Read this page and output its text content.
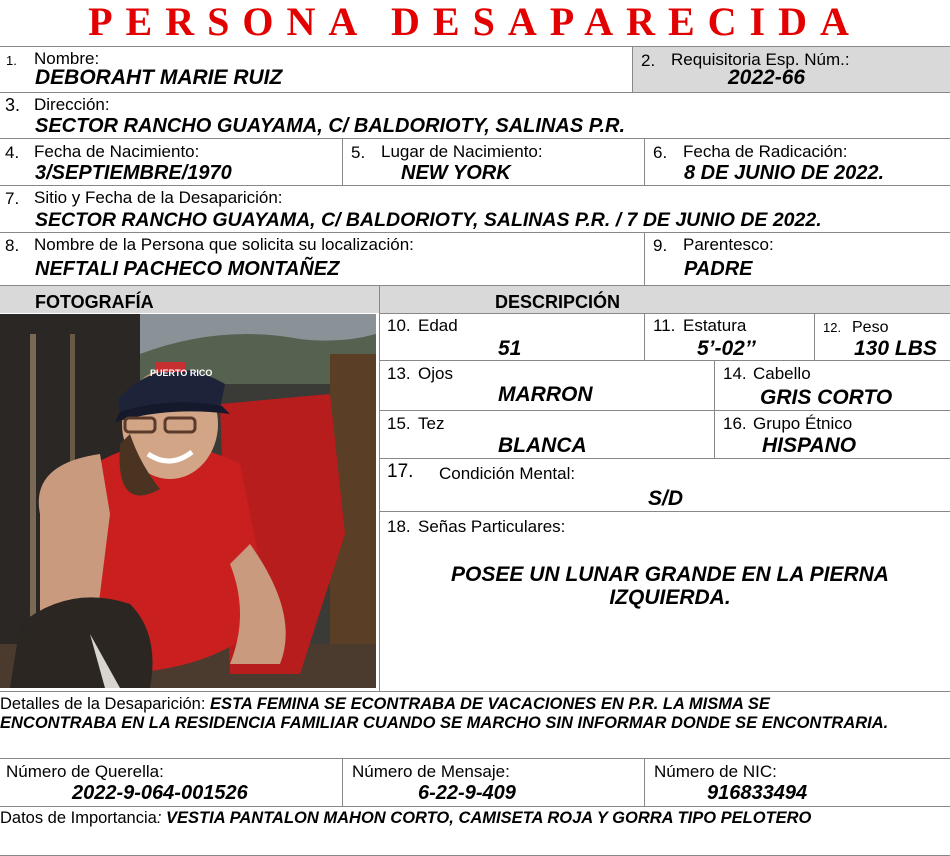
PERSONA DESAPARECIDA
1. Nombre:
DEBORAHT MARIE RUIZ
2. Requisitoria Esp. Núm.:
2022-66
3. Dirección:
SECTOR RANCHO GUAYAMA, C/ BALDORIOTY, SALINAS P.R.
4. Fecha de Nacimiento:
3/SEPTIEMBRE/1970
5. Lugar de Nacimiento:
NEW YORK
6. Fecha de Radicación:
8 DE JUNIO DE 2022.
7. Sitio y Fecha de la Desaparición:
SECTOR RANCHO GUAYAMA, C/ BALDORIOTY, SALINAS P.R. / 7 DE JUNIO DE 2022.
8. Nombre de la Persona que solicita su localización:
NEFTALI PACHECO MONTAÑEZ
9. Parentesco:
PADRE
FOTOGRAFÍA	DESCRIPCIÓN
PUERTO RICO
10. Edad
51
11. Estatura
5’-02’’
12. Peso
130 LBS
13. Ojos
MARRON
14. Cabello
GRIS CORTO
15. Tez
BLANCA
16. Grupo Étnico
HISPANO
17. Condición Mental:
S/D
18. Señas Particulares:
POSEE UN LUNAR GRANDE EN LA PIERNA IZQUIERDA.
Detalles de la Desaparición: ESTA FEMINA SE ECONTRABA DE VACACIONES EN P.R. LA MISMA SE ENCONTRABA EN LA RESIDENCIA FAMILIAR CUANDO SE MARCHO SIN INFORMAR DONDE SE ENCONTRARIA.
Número de Querella:
2022-9-064-001526
Número de Mensaje:
6-22-9-409
Número de NIC:
916833494
Datos de Importancia: VESTIA PANTALON MAHON CORTO, CAMISETA ROJA Y GORRA TIPO PELOTERO
